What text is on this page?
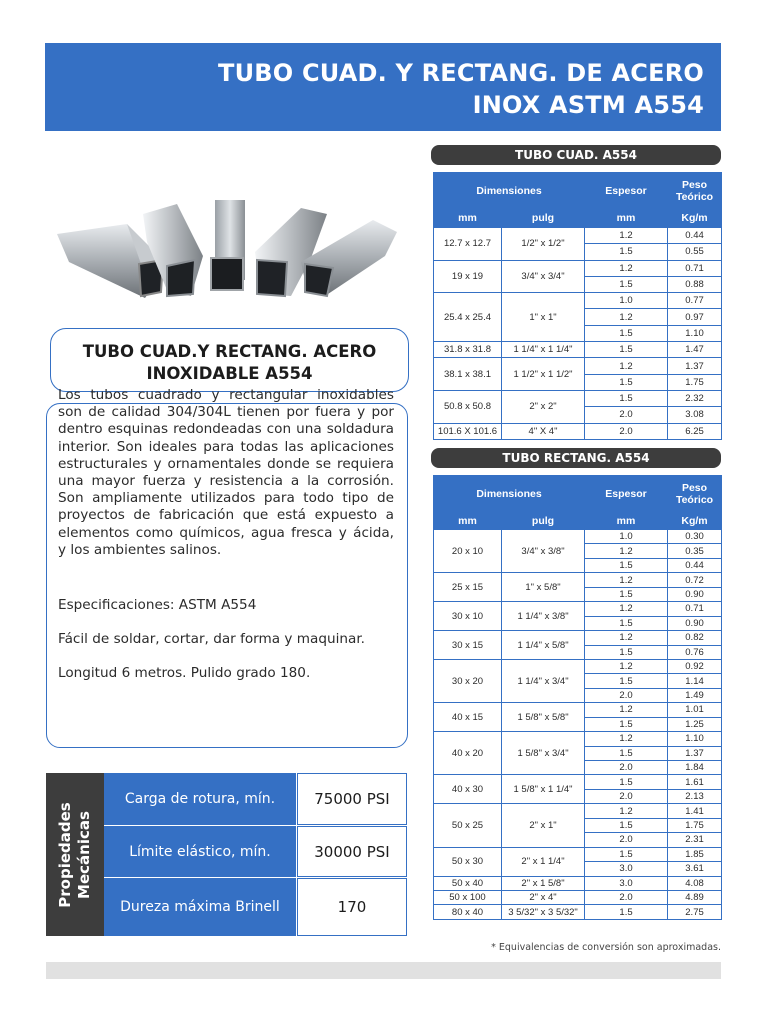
TUBO CUAD. Y RECTANG. DE ACERO
INOX ASTM A554
TUBO CUAD.Y RECTANG. ACERO
INOXIDABLE A554
Los tubos cuadrado y rectangular inoxidables son de calidad 304/304L tienen por fuera y por dentro esquinas redondeadas con una soldadura interior. Son ideales para todas las aplicaciones estructurales y ornamentales donde se requiera una mayor fuerza y resistencia a la corrosión. Son ampliamente utilizados para todo tipo de proyectos de fabricación que está expuesto a elementos como químicos, agua fresca y ácida, y los ambientes salinos.
Especificaciones: ASTM A554
Fácil de soldar, cortar, dar forma y maquinar.
Longitud 6 metros. Pulido grado 180.
Propiedades Mecánicas
Carga de rotura, mín.	75000 PSI
Límite elástico, mín.	30000 PSI
Dureza máxima Brinell	170
TUBO CUAD. A554
Dimensiones		Espesor	Peso Teórico
mm	pulg	mm	Kg/m
12.7 x 12.7	1/2" x 1/2"	1.2	0.44
		1.5	0.55
19 x 19	3/4" x 3/4"	1.2	0.71
		1.5	0.88
25.4 x 25.4	1" x 1"	1.0	0.77
		1.2	0.97
		1.5	1.10
31.8 x 31.8	1 1/4" x 1 1/4"	1.5	1.47
38.1 x 38.1	1 1/2" x 1 1/2"	1.2	1.37
		1.5	1.75
50.8 x 50.8	2" x 2"	1.5	2.32
		2.0	3.08
101.6 X 101.6	4" X 4"	2.0	6.25
TUBO RECTANG. A554
Dimensiones		Espesor	Peso Teórico
mm	pulg	mm	Kg/m
20 x 10	3/4" x 3/8"	1.0	0.30
		1.2	0.35
		1.5	0.44
25 x 15	1" x 5/8"	1.2	0.72
		1.5	0.90
30 x 10	1 1/4" x 3/8"	1.2	0.71
		1.5	0.90
30 x 15	1 1/4" x 5/8"	1.2	0.82
		1.5	0.76
30 x 20	1 1/4" x 3/4"	1.2	0.92
		1.5	1.14
		2.0	1.49
40 x 15	1 5/8" x 5/8"	1.2	1.01
		1.5	1.25
40 x 20	1 5/8" x 3/4"	1.2	1.10
		1.5	1.37
		2.0	1.84
40 x 30	1 5/8" x 1 1/4"	1.5	1.61
		2.0	2.13
50 x 25	2" x 1"	1.2	1.41
		1.5	1.75
		2.0	2.31
50 x 30	2" x 1 1/4"	1.5	1.85
		3.0	3.61
50 x 40	2" x 1 5/8"	3.0	4.08
50 x 100	2" x 4"	2.0	4.89
80 x 40	3 5/32" x 3 5/32"	1.5	2.75
* Equivalencias de conversión son aproximadas.
